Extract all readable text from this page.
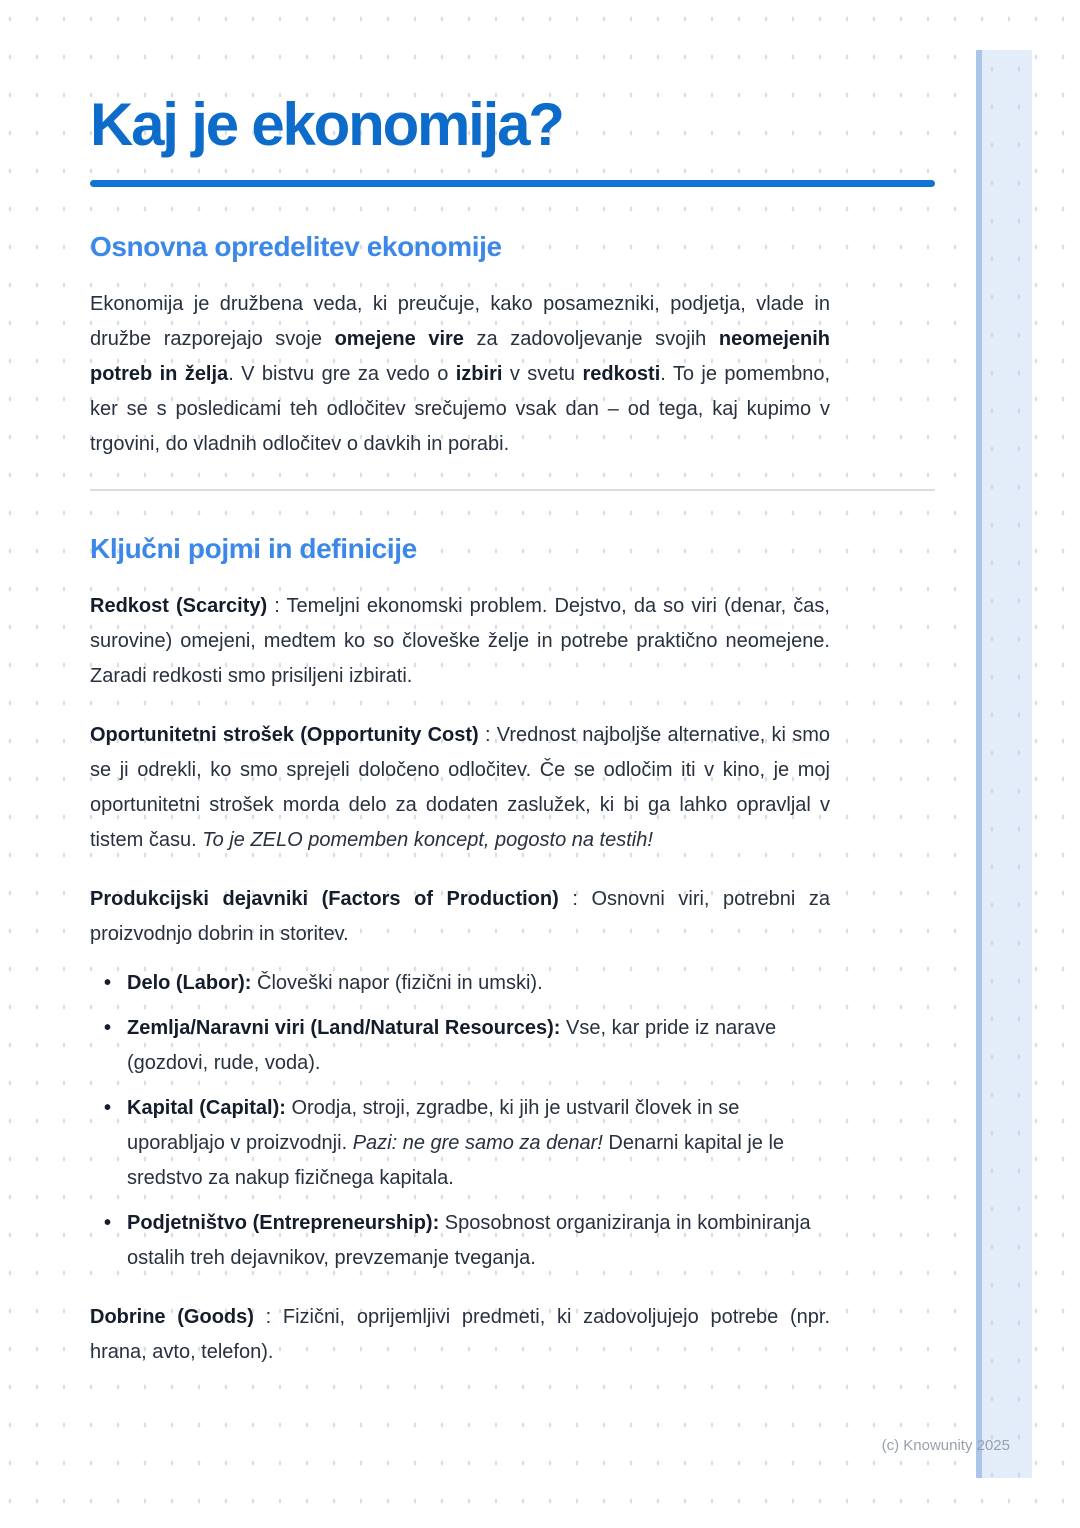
Kaj je ekonomija?
Osnovna opredelitev ekonomije

Ekonomija je družbena veda, ki preučuje, kako posamezniki, podjetja, vlade in družbe razporejajo svoje omejene vire za zadovoljevanje svojih neomejenih potreb in želja. V bistvu gre za vedo o izbiri v svetu redkosti. To je pomembno, ker se s posledicami teh odločitev srečujemo vsak dan – od tega, kaj kupimo v trgovini, do vladnih odločitev o davkih in porabi.

Ključni pojmi in definicije

Redkost (Scarcity) : Temeljni ekonomski problem. Dejstvo, da so viri (denar, čas, surovine) omejeni, medtem ko so človeške želje in potrebe praktično neomejene. Zaradi redkosti smo prisiljeni izbirati.

Oportunitetni strošek (Opportunity Cost) : Vrednost najboljše alternative, ki smo se ji odrekli, ko smo sprejeli določeno odločitev. Če se odločim iti v kino, je moj oportunitetni strošek morda delo za dodaten zaslužek, ki bi ga lahko opravljal v tistem času. To je ZELO pomemben koncept, pogosto na testih!

Produkcijski dejavniki (Factors of Production) : Osnovni viri, potrebni za proizvodnjo dobrin in storitev.

• Delo (Labor): Človeški napor (fizični in umski).
• Zemlja/Naravni viri (Land/Natural Resources): Vse, kar pride iz narave (gozdovi, rude, voda).
• Kapital (Capital): Orodja, stroji, zgradbe, ki jih je ustvaril človek in se uporabljajo v proizvodnji. Pazi: ne gre samo za denar! Denarni kapital je le sredstvo za nakup fizičnega kapitala.
• Podjetništvo (Entrepreneurship): Sposobnost organiziranja in kombiniranja ostalih treh dejavnikov, prevzemanje tveganja.

Dobrine (Goods) : Fizični, oprijemljivi predmeti, ki zadovoljujejo potrebe (npr. hrana, avto, telefon).

(c) Knowunity 2025
